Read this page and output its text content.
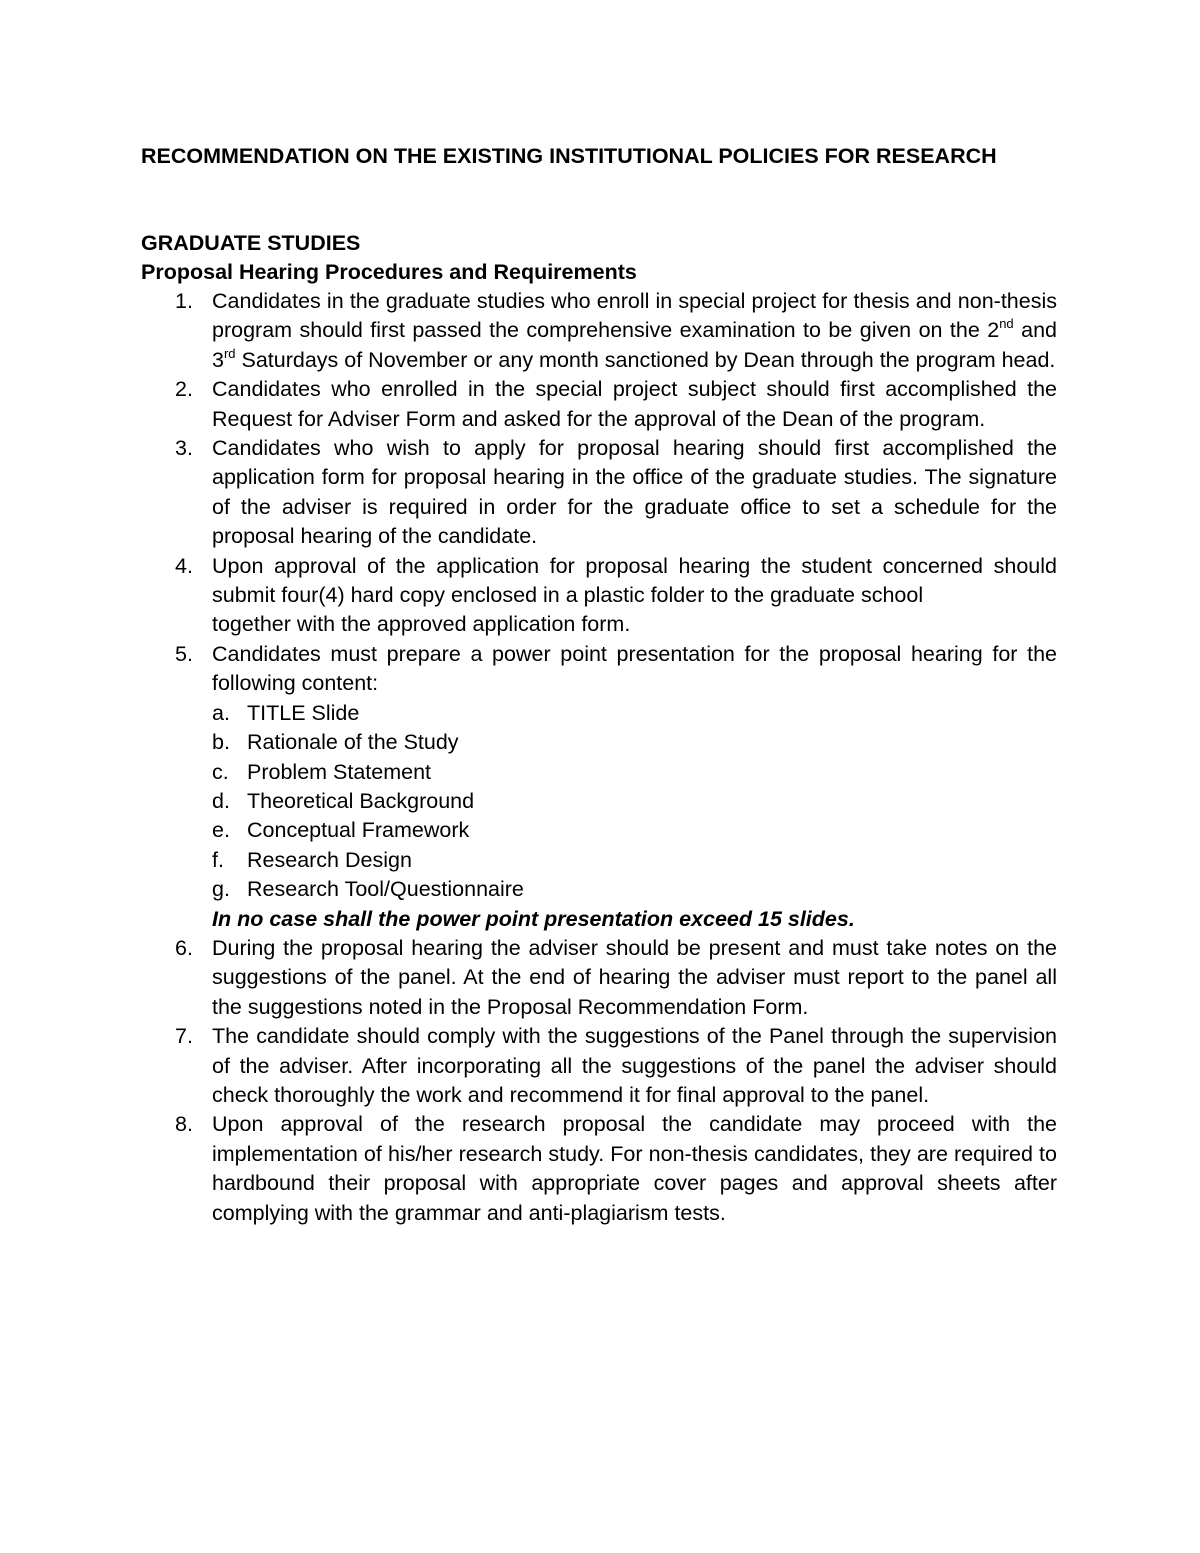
RECOMMENDATION ON THE EXISTING INSTITUTIONAL POLICIES FOR RESEARCH
GRADUATE STUDIES
Proposal Hearing Procedures and Requirements
1. Candidates in the graduate studies who enroll in special project for thesis and non-thesis program should first passed the comprehensive examination to be given on the 2nd and 3rd Saturdays of November or any month sanctioned by Dean through the program head.
2. Candidates who enrolled in the special project subject should first accomplished the Request for Adviser Form and asked for the approval of the Dean of the program.
3. Candidates who wish to apply for proposal hearing should first accomplished the application form for proposal hearing in the office of the graduate studies. The signature of the adviser is required in order for the graduate office to set a schedule for the proposal hearing of the candidate.
4. Upon approval of the application for proposal hearing the student concerned should submit four(4) hard copy enclosed in a plastic folder to the graduate school
together with the approved application form.
5. Candidates must prepare a power point presentation for the proposal hearing for the following content:
a. TITLE Slide
b. Rationale of the Study
c. Problem Statement
d. Theoretical Background
e. Conceptual Framework
f. Research Design
g. Research Tool/Questionnaire
In no case shall the power point presentation exceed 15 slides.
6. During the proposal hearing the adviser should be present and must take notes on the suggestions of the panel. At the end of hearing the adviser must report to the panel all the suggestions noted in the Proposal Recommendation Form.
7. The candidate should comply with the suggestions of the Panel through the supervision of the adviser. After incorporating all the suggestions of the panel the adviser should check thoroughly the work and recommend it for final approval to the panel.
8. Upon approval of the research proposal the candidate may proceed with the implementation of his/her research study. For non-thesis candidates, they are required to hardbound their proposal with appropriate cover pages and approval sheets after complying with the grammar and anti-plagiarism tests.
